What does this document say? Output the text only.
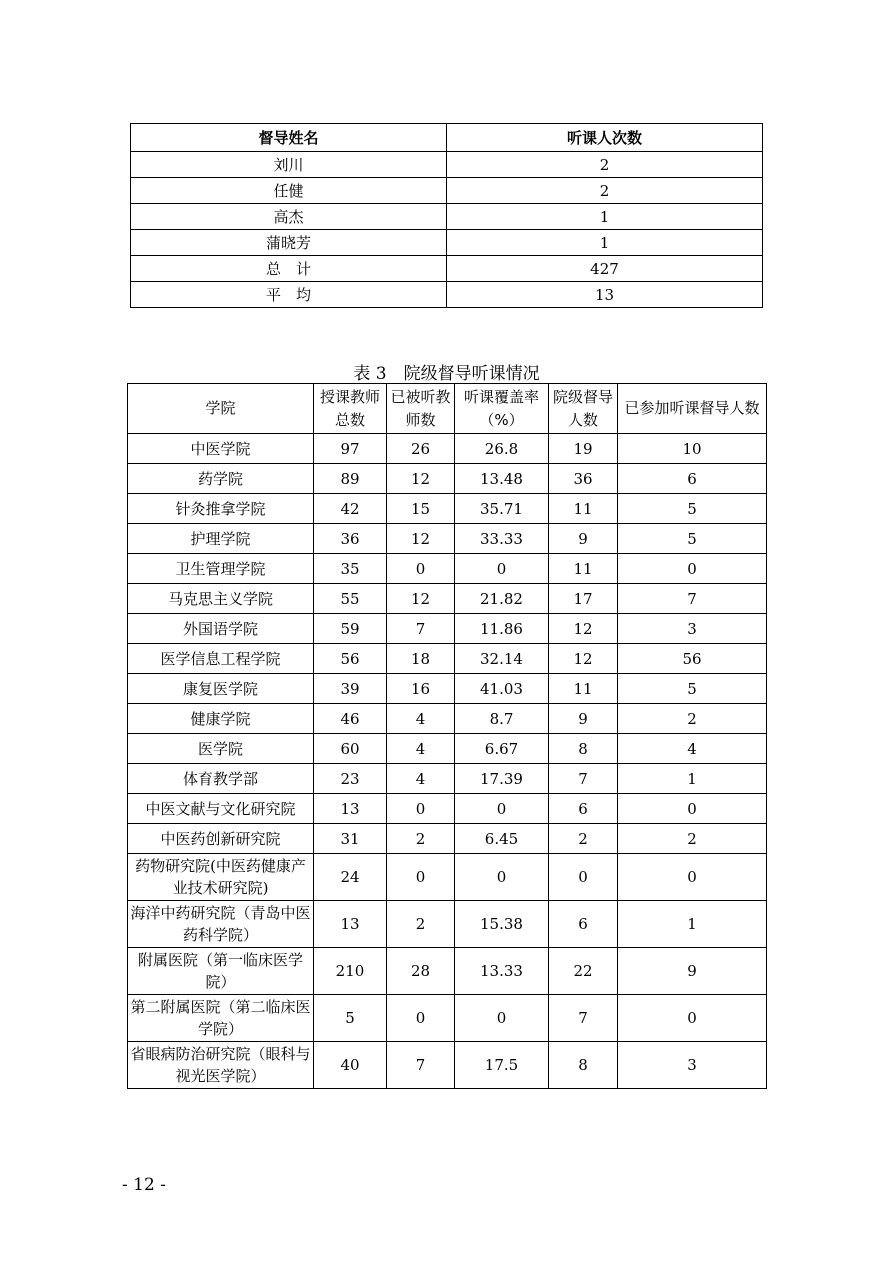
督导姓名	听课人次数
刘川	2
任健	2
高杰	1
蒲晓芳	1
总　计	427
平　均	13
表 3　院级督导听课情况
学院	授课教师总数	已被听教师数	听课覆盖率（%）	院级督导人数	已参加听课督导人数
中医学院	97	26	26.8	19	10
药学院	89	12	13.48	36	6
针灸推拿学院	42	15	35.71	11	5
护理学院	36	12	33.33	9	5
卫生管理学院	35	0	0	11	0
马克思主义学院	55	12	21.82	17	7
外国语学院	59	7	11.86	12	3
医学信息工程学院	56	18	32.14	12	56
康复医学院	39	16	41.03	11	5
健康学院	46	4	8.7	9	2
医学院	60	4	6.67	8	4
体育教学部	23	4	17.39	7	1
中医文献与文化研究院	13	0	0	6	0
中医药创新研究院	31	2	6.45	2	2
药物研究院(中医药健康产业技术研究院)	24	0	0	0	0
海洋中药研究院（青岛中医药科学院）	13	2	15.38	6	1
附属医院（第一临床医学院）	210	28	13.33	22	9
第二附属医院（第二临床医学院）	5	0	0	7	0
省眼病防治研究院（眼科与视光医学院）	40	7	17.5	8	3
- 12 -
